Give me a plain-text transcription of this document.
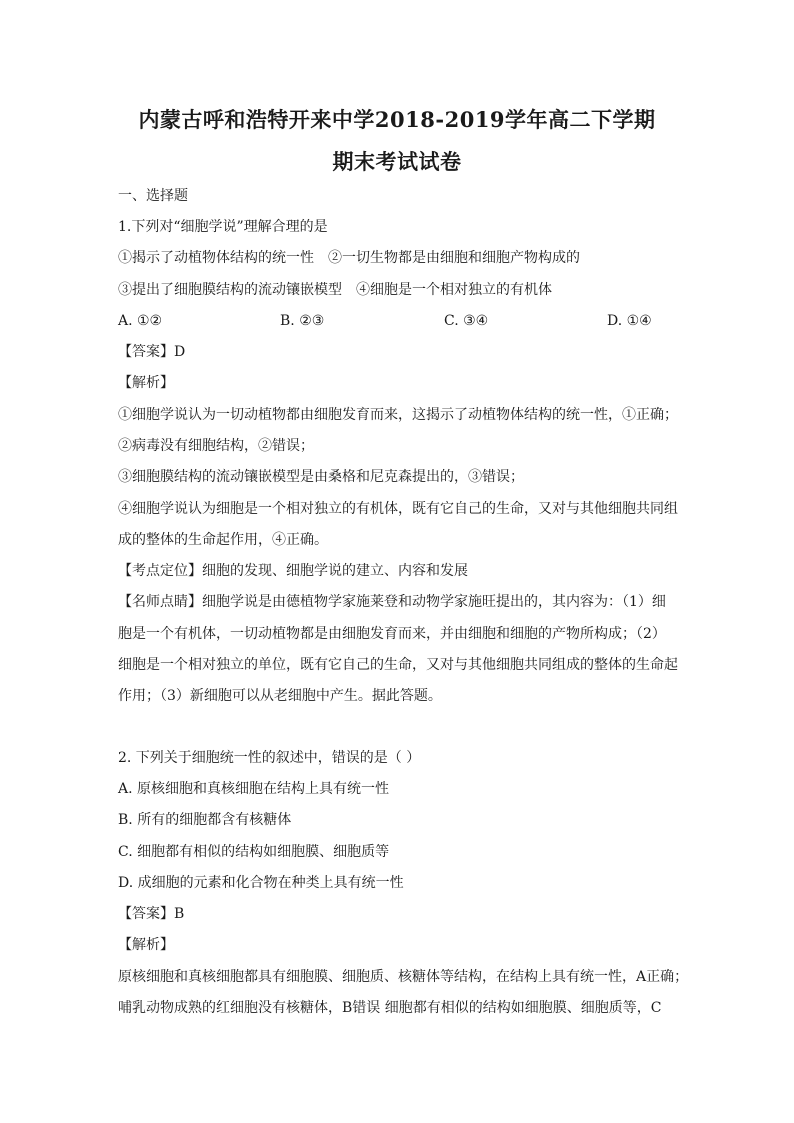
内蒙古呼和浩特开来中学2018-2019学年高二下学期
期末考试试卷
一、选择题
1.下列对“细胞学说”理解合理的是
①揭示了动植物体结构的统一性　②一切生物都是由细胞和细胞产物构成的
③提出了细胞膜结构的流动镶嵌模型　④细胞是一个相对独立的有机体
A. ①②	B. ②③	C. ③④	D. ①④
【答案】D
【解析】
①细胞学说认为一切动植物都由细胞发育而来，这揭示了动植物体结构的统一性，①正确；
②病毒没有细胞结构，②错误；
③细胞膜结构的流动镶嵌模型是由桑格和尼克森提出的，③错误；
④细胞学说认为细胞是一个相对独立的有机体，既有它自己的生命，又对与其他细胞共同组
成的整体的生命起作用，④正确。
【考点定位】细胞的发现、细胞学说的建立、内容和发展
【名师点睛】细胞学说是由德植物学家施莱登和动物学家施旺提出的，其内容为：（1）细
胞是一个有机体，一切动植物都是由细胞发育而来，并由细胞和细胞的产物所构成；（2）
细胞是一个相对独立的单位，既有它自己的生命，又对与其他细胞共同组成的整体的生命起
作用；（3）新细胞可以从老细胞中产生。据此答题。
2. 下列关于细胞统一性的叙述中，错误的是（ ）
A. 原核细胞和真核细胞在结构上具有统一性
B. 所有的细胞都含有核糖体
C. 细胞都有相似的结构如细胞膜、细胞质等
D. 成细胞的元素和化合物在种类上具有统一性
【答案】B
【解析】
原核细胞和真核细胞都具有细胞膜、细胞质、核糖体等结构，在结构上具有统一性，A正确；
哺乳动物成熟的红细胞没有核糖体，B错误 细胞都有相似的结构如细胞膜、细胞质等，C
